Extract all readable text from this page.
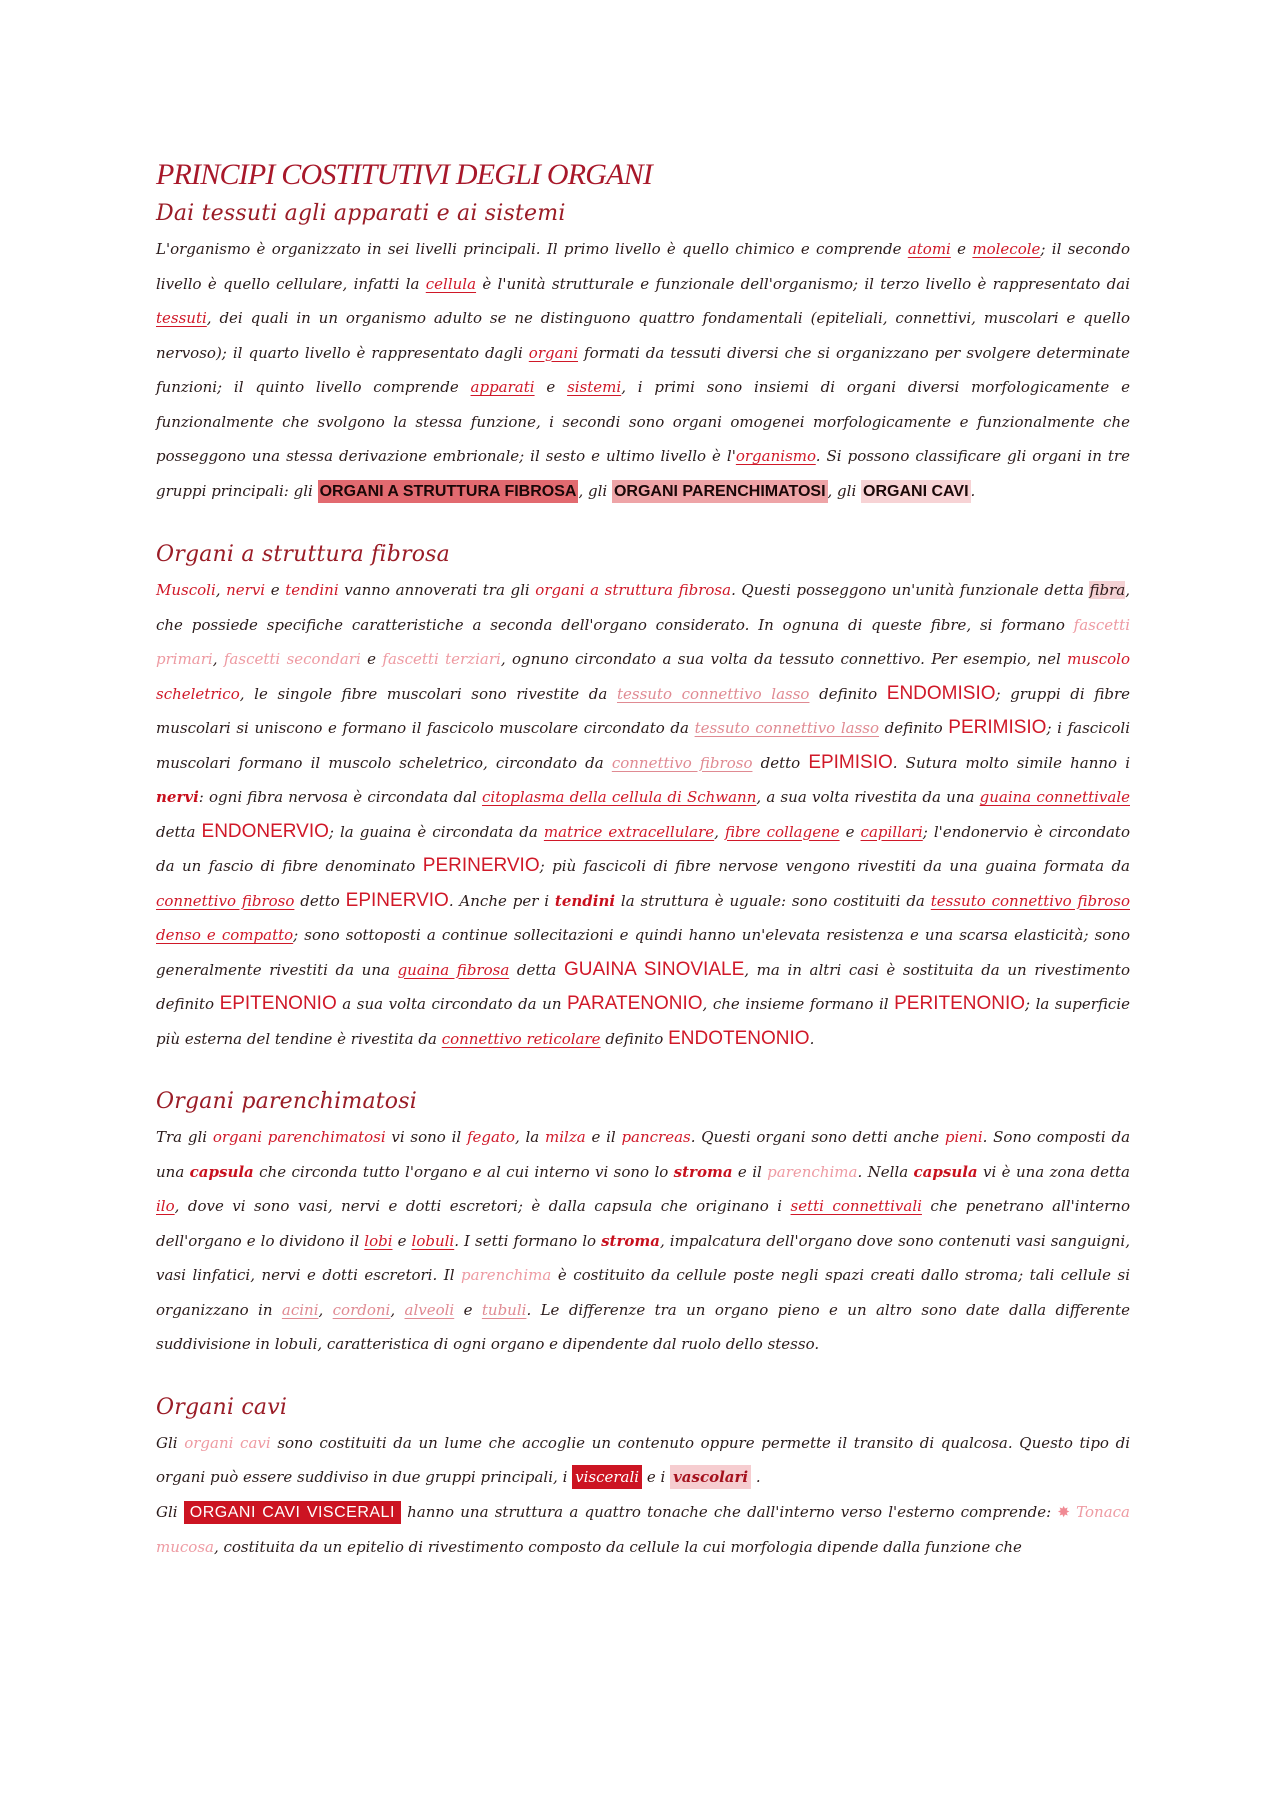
PRINCIPI COSTITUTIVI DEGLI ORGANI
Dai tessuti agli apparati e ai sistemi

L'organismo è organizzato in sei livelli principali. Il primo livello è quello chimico e comprende atomi e molecole; il secondo livello è quello cellulare, infatti la cellula è l'unità strutturale e funzionale dell'organismo; il terzo livello è rappresentato dai tessuti, dei quali in un organismo adulto se ne distinguono quattro fondamentali (epiteliali, connettivi, muscolari e quello nervoso); il quarto livello è rappresentato dagli organi formati da tessuti diversi che si organizzano per svolgere determinate funzioni; il quinto livello comprende apparati e sistemi, i primi sono insiemi di organi diversi morfologicamente e funzionalmente che svolgono la stessa funzione, i secondi sono organi omogenei morfologicamente e funzionalmente che posseggono una stessa derivazione embrionale; il sesto e ultimo livello è l'organismo. Si possono classificare gli organi in tre gruppi principali: gli ORGANI A STRUTTURA FIBROSA , gli ORGANI PARENCHIMATOSI , gli ORGANI CAVI .

Organi a struttura fibrosa

Muscoli, nervi e tendini vanno annoverati tra gli organi a struttura fibrosa. Questi posseggono un'unità funzionale detta fibra, che possiede specifiche caratteristiche a seconda dell'organo considerato. In ognuna di queste fibre, si formano fascetti primari, fascetti secondari e fascetti terziari, ognuno circondato a sua volta da tessuto connettivo. Per esempio, nel muscolo scheletrico, le singole fibre muscolari sono rivestite da tessuto connettivo lasso definito ENDOMISIO; gruppi di fibre muscolari si uniscono e formano il fascicolo muscolare circondato da tessuto connettivo lasso definito PERIMISIO; i fascicoli muscolari formano il muscolo scheletrico, circondato da connettivo fibroso detto EPIMISIO. Sutura molto simile hanno i nervi: ogni fibra nervosa è circondata dal citoplasma della cellula di Schwann, a sua volta rivestita da una guaina connettivale detta ENDONERVIO; la guaina è circondata da matrice extracellulare, fibre collagene e capillari; l'endonervio è circondato da un fascio di fibre denominato PERINERVIO; più fascicoli di fibre nervose vengono rivestiti da una guaina formata da connettivo fibroso detto EPINERVIO. Anche per i tendini la struttura è uguale: sono costituiti da tessuto connettivo fibroso denso e compatto; sono sottoposti a continue sollecitazioni e quindi hanno un'elevata resistenza e una scarsa elasticità; sono generalmente rivestiti da una guaina fibrosa detta GUAINA SINOVIALE, ma in altri casi è sostituita da un rivestimento definito EPITENONIO a sua volta circondato da un PARATENONIO, che insieme formano il PERITENONIO; la superficie più esterna del tendine è rivestita da connettivo reticolare definito ENDOTENONIO.

Organi parenchimatosi

Tra gli organi parenchimatosi vi sono il fegato, la milza e il pancreas. Questi organi sono detti anche pieni. Sono composti da una capsula che circonda tutto l'organo e al cui interno vi sono lo stroma e il parenchima. Nella capsula vi è una zona detta ilo, dove vi sono vasi, nervi e dotti escretori; è dalla capsula che originano i setti connettivali che penetrano all'interno dell'organo e lo dividono il lobi e lobuli. I setti formano lo stroma, impalcatura dell'organo dove sono contenuti vasi sanguigni, vasi linfatici, nervi e dotti escretori. Il parenchima è costituito da cellule poste negli spazi creati dallo stroma; tali cellule si organizzano in acini, cordoni, alveoli e tubuli. Le differenze tra un organo pieno e un altro sono date dalla differente suddivisione in lobuli, caratteristica di ogni organo e dipendente dal ruolo dello stesso.

Organi cavi

Gli organi cavi sono costituiti da un lume che accoglie un contenuto oppure permette il transito di qualcosa. Questo tipo di organi può essere suddiviso in due gruppi principali, i viscerali e i vascolari .

Gli ORGANI CAVI VISCERALI hanno una struttura a quattro tonache che dall'interno verso l'esterno comprende: ✸ Tonaca mucosa, costituita da un epitelio di rivestimento composto da cellule la cui morfologia dipende dalla funzione che
